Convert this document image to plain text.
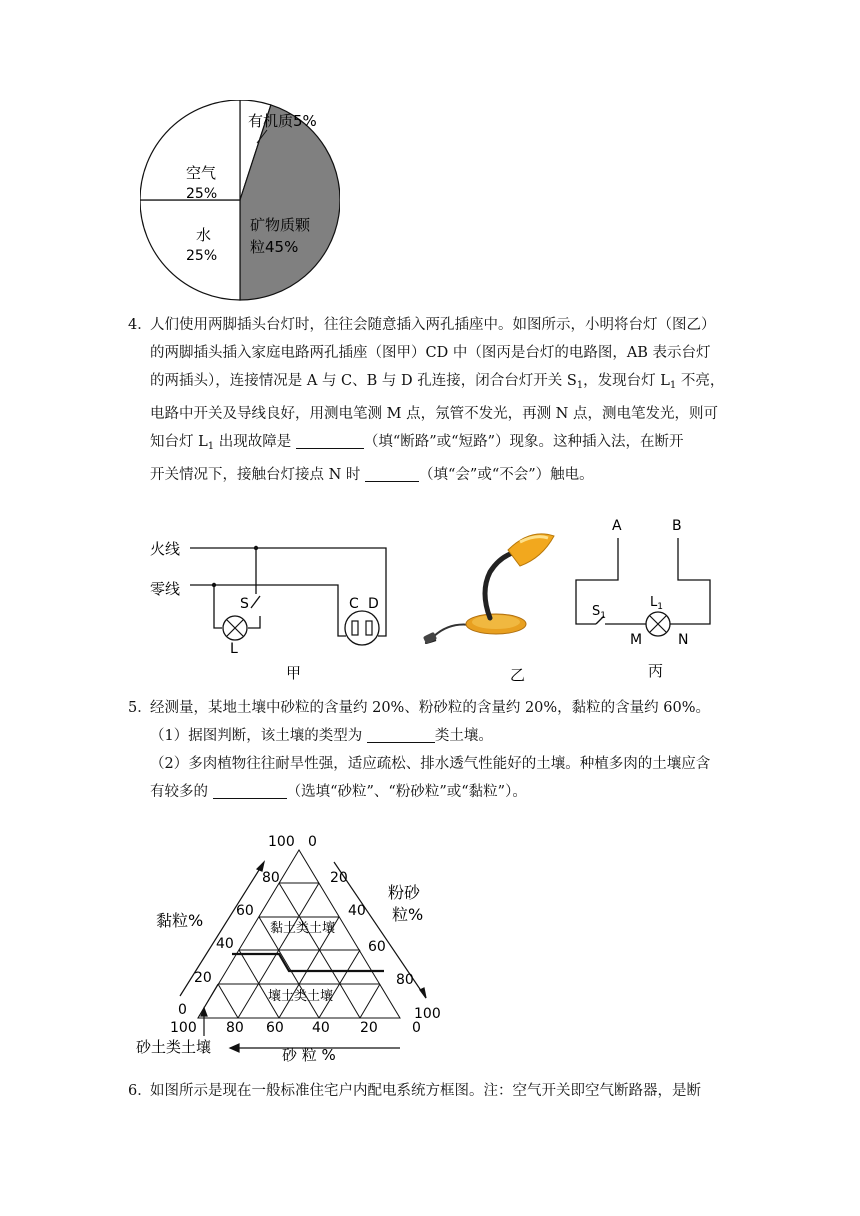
有机质5%
空气
25%
水
25%
矿物质颗
粒45%
4．

人们使用两脚插头台灯时，往往会随意插入两孔插座中。如图所示，小明将台灯（图乙）

的两脚插头插入家庭电路两孔插座（图甲）CD 中（图丙是台灯的电路图，AB 表示台灯

的两插头），连接情况是 A 与 C、B 与 D 孔连接，闭合台灯开关 $S_1$，发现台灯 $L_1$ 不亮，

电路中开关及导线良好，用测电笔测 M 点，氖管不发光，再测 N 点，测电笔发光，则可

知台灯 $L_1$ 出现故障是	（填“断路”或“短路”）现象。这种插入法，在断开

开关情况下，接触台灯接点 N 时	（填“会”或“不会”）触电。

火线
零线
S
L
C D
甲	乙
A	B
$S_1$
$L_1$
M	N
丙
5．

经测量，某地土壤中砂粒的含量约 20%、粉砂粒的含量约 20%，黏粒的含量约 60%。

（1）据图判断，该土壤的类型为	类土壤。

（2）多肉植物往往耐旱性强，适应疏松、排水透气性能好的土壤。种植多肉的土壤应含

有较多的	（选填“砂粒”、“粉砂粒”或“黏粒”）。

100 0
80
60
40
20
0
20
40
60
80
100
100 80 60 40 20 0
黏粒%
粉砂
粒%
黏土类土壤
壤土类土壤
砂土类土壤	砂 粒 %
6．

如图所示是现在一般标准住宅户内配电系统方框图。注：空气开关即空气断路器，是断
